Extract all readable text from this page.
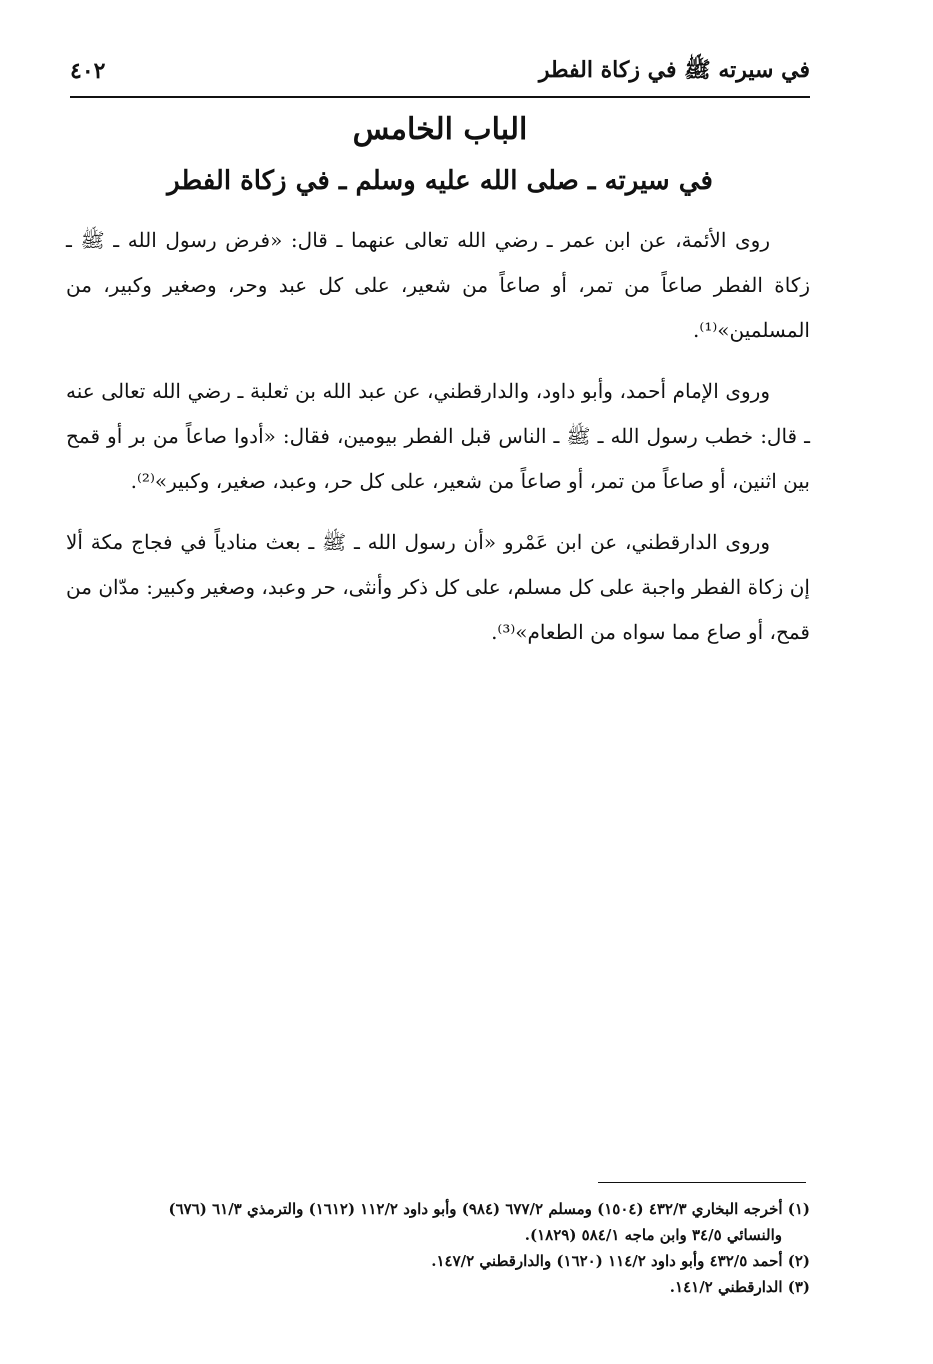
في سيرته ﷺ في زكاة الفطر
٤٠٢
الباب الخامس
في سيرته ـ صلى الله عليه وسلم ـ في زكاة الفطر

روى الأئمة، عن ابن عمر ـ رضي الله تعالى عنهما ـ قال: «فرض رسول الله ـ ﷺ ـ زكاة الفطر صاعاً من تمر، أو صاعاً من شعير، على كل عبد وحر، وصغير وكبير، من المسلمين»⁽¹⁾.

وروى الإمام أحمد، وأبو داود، والدارقطني، عن عبد الله بن ثعلبة ـ رضي الله تعالى عنه ـ قال: خطب رسول الله ـ ﷺ ـ الناس قبل الفطر بيومين، فقال: «أدوا صاعاً من بر أو قمح بين اثنين، أو صاعاً من تمر، أو صاعاً من شعير، على كل حر، وعبد، صغير، وكبير»⁽²⁾.

وروى الدارقطني، عن ابن عَمْرو «أن رسول الله ـ ﷺ ـ بعث منادياً في فجاج مكة ألا إن زكاة الفطر واجبة على كل مسلم، على كل ذكر وأنثى، حر وعبد، وصغير وكبير: مدّان من قمح، أو صاع مما سواه من الطعام»⁽³⁾.

(١) أخرجه البخاري ٤٣٢/٣ (١٥٠٤) ومسلم ٦٧٧/٢ (٩٨٤) وأبو داود ١١٢/٢ (١٦١٢) والترمذي ٦١/٣ (٦٧٦)

والنسائي ٣٤/٥ وابن ماجه ٥٨٤/١ (١٨٢٩).

(٢) أحمد ٤٣٢/٥ وأبو داود ١١٤/٢ (١٦٢٠) والدارقطني ١٤٧/٢.

(٣) الدارقطني ١٤١/٢.
